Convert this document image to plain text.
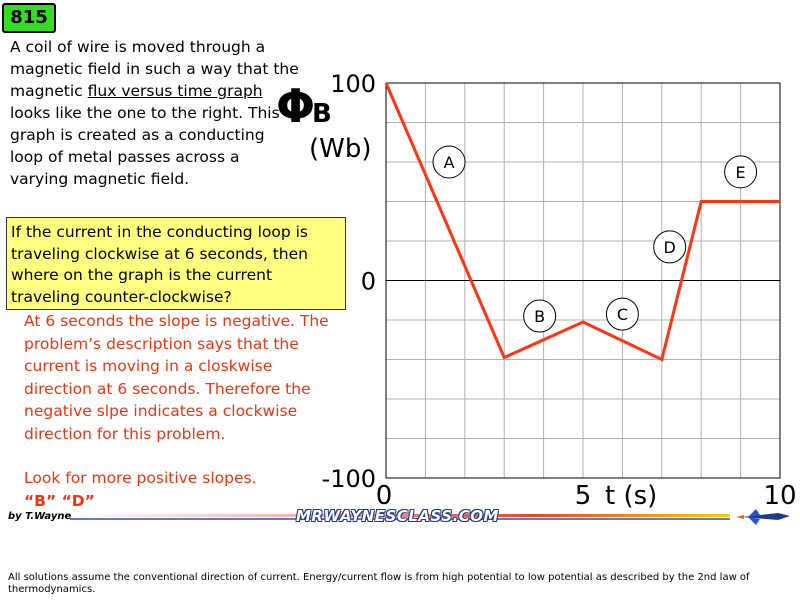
815
A coil of wire is moved through a magnetic field in such a way that the magnetic flux versus time graph looks like the one to the right. This graph is created as a conducting loop of metal passes across a varying magnetic field.
If the current in the conducting loop is traveling clockwise at 6 seconds, then where on the graph is the current traveling counter-clockwise?
At 6 seconds the slope is negative. The problem’s description says that the current is moving in a closkwise direction at 6 seconds. Therefore the negative slpe indicates a clockwise direction for this problem.
Look for more positive slopes.
“B” “D”
A
B	C
D
E
100
0
-100
0	5	10
Φ
B
(Wb)
t (s)
by T.Wayne	MRWAYNESCLASS.COM
All solutions assume the conventional direction of current. Energy/current flow is from high potential to low potential as described by the 2nd law of thermodynamics.
